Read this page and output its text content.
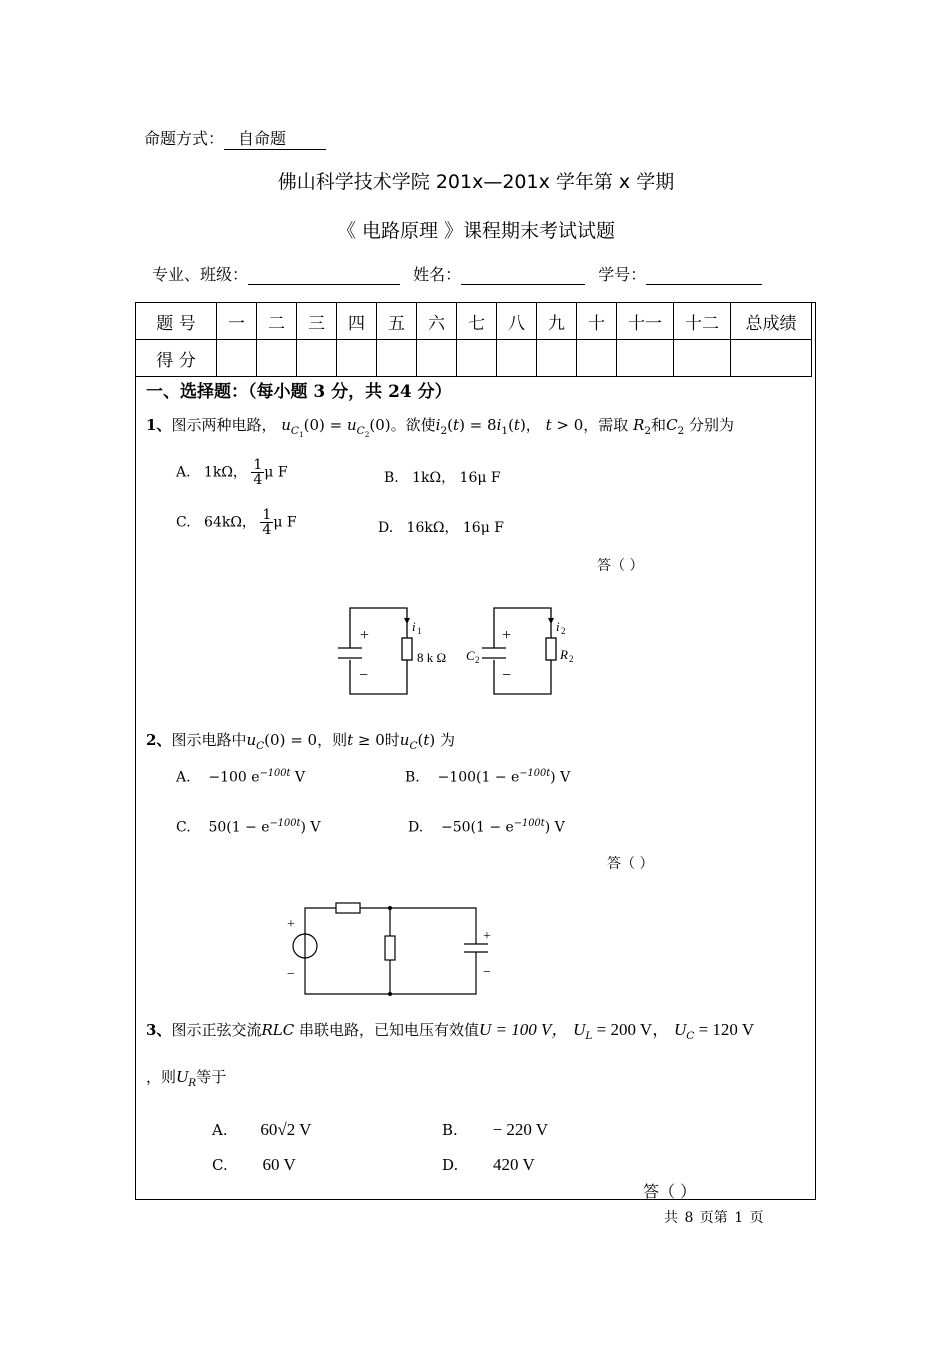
命题方式： 自命题
佛山科学技术学院 201x—201x 学年第 x 学期
《 电路原理 》课程期末考试试题
专业、班级：	姓名：	学号：
题 号	一	二	三	四	五	六	七	八	九	十	十一	十二	总成绩
得 分													
一、选择题：（每小题 3 分，共 24 分）
1、图示两种电路， $u_{C_1}(0) = u_{C_2}(0)$。欲使$i_2(t) = 8i_1(t)$， t > 0，需取 $R_2$和$C_2$ 分别为
A. 1kΩ， $\frac{1}{4}$ μ F	B. 1kΩ， 16μ F
C. 64kΩ， $\frac{1}{4}$ μ F	D. 16kΩ， 16μ F
答（ ）
+
−
+
−
i 1
8 k Ω
i 2
C 2	R 2
2、图示电路中$u_C(0) = 0$，则t ≥ 0时$u_C(t)$ 为
A. −100 $e^{-100t}$ V	B. $-100(1 - e^{-100t})$ V
C. $50(1 - e^{-100t})$ V	D. $-50(1 - e^{-100t})$ V
答（ ）
+
−
+
−
3、图示正弦交流RLC 串联电路，已知电压有效值U = 100 V， $U_L = 200$ V， $U_C = 120$ V
，则$U_R$等于
A. 60√2 V	B. − 220 V
C. 60 V	D. 420 V
答（ ）
共 8 页第 1 页
